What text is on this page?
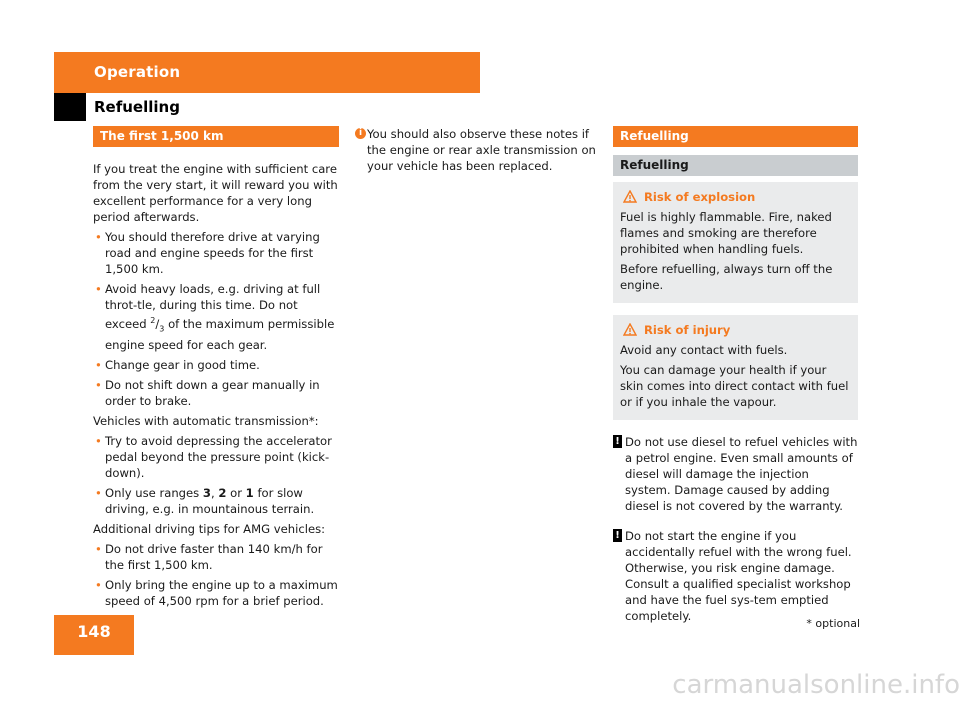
Operation
Refuelling
The first 1,500 km

If you treat the engine with sufficient care from the very start, it will reward you with excellent performance for a very long period afterwards.

• You should therefore drive at varying road and engine speeds for the first 1,500 km.
• Avoid heavy loads, e.g. driving at full throt-tle, during this time. Do not exceed $^2/_3$ of the maximum permissible engine speed for each gear.
• Change gear in good time.
• Do not shift down a gear manually in order to brake.

Vehicles with automatic transmission*:

• Try to avoid depressing the accelerator pedal beyond the pressure point (kick-down).
• Only use ranges 3, 2 or 1 for slow driving, e.g. in mountainous terrain.

Additional driving tips for AMG vehicles:

• Do not drive faster than 140 km/h for the first 1,500 km.
• Only bring the engine up to a maximum speed of 4,500 rpm for a brief period.
i You should also observe these notes if the engine or rear axle transmission on your vehicle has been replaced.
Refuelling
Refuelling
Risk of explosion

Fuel is highly flammable. Fire, naked flames and smoking are therefore prohibited when handling fuels.

Before refuelling, always turn off the engine.

Risk of injury

Avoid any contact with fuels.

You can damage your health if your skin comes into direct contact with fuel or if you inhale the vapour.

! Do not use diesel to refuel vehicles with a petrol engine. Even small amounts of diesel will damage the injection system. Damage caused by adding diesel is not covered by the warranty.
! Do not start the engine if you accidentally refuel with the wrong fuel. Otherwise, you risk engine damage. Consult a qualified specialist workshop and have the fuel sys-tem emptied completely.
148	* optional
carmanualsonline.info
